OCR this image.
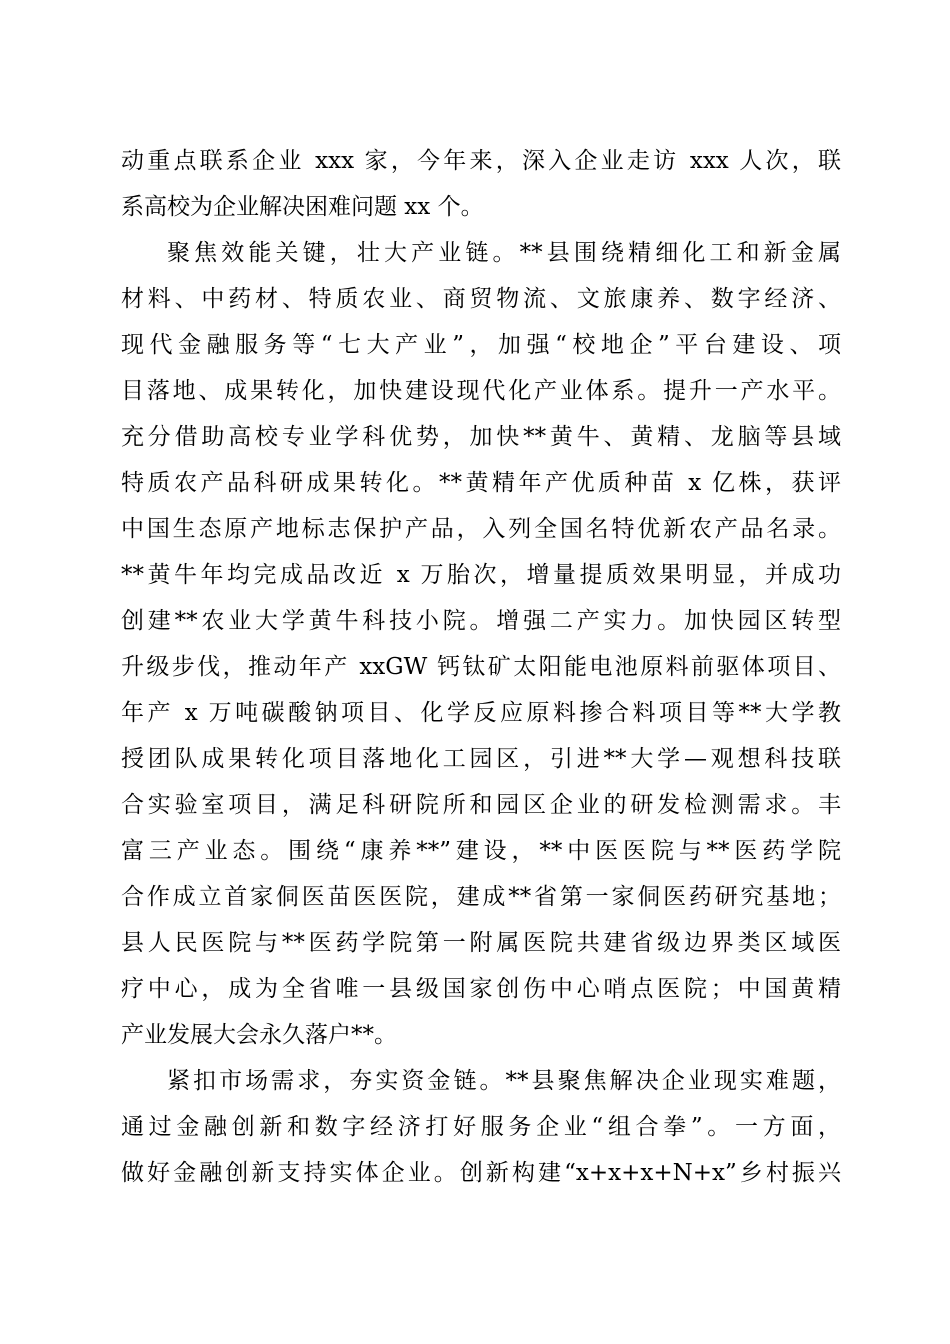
动重点联系企业 xxx 家，今年来，深入企业走访 xxx 人次，联
系高校为企业解决困难问题 xx 个。
聚焦效能关键，壮大产业链。**县围绕精细化工和新金属
材料、中药材、特质农业、商贸物流、文旅康养、数字经济、
现代金融服务等“七大产业”，加强“校地企”平台建设、项
目落地、成果转化，加快建设现代化产业体系。提升一产水平。
充分借助高校专业学科优势，加快**黄牛、黄精、龙脑等县域
特质农产品科研成果转化。**黄精年产优质种苗 x 亿株，获评
中国生态原产地标志保护产品，入列全国名特优新农产品名录。
**黄牛年均完成品改近 x 万胎次，增量提质效果明显，并成功
创建**农业大学黄牛科技小院。增强二产实力。加快园区转型
升级步伐，推动年产 xxGW 钙钛矿太阳能电池原料前驱体项目、
年产 x 万吨碳酸钠项目、化学反应原料掺合料项目等**大学教
授团队成果转化项目落地化工园区，引进**大学—观想科技联
合实验室项目，满足科研院所和园区企业的研发检测需求。丰
富三产业态。围绕“康养**”建设，**中医医院与**医药学院
合作成立首家侗医苗医医院，建成**省第一家侗医药研究基地；
县人民医院与**医药学院第一附属医院共建省级边界类区域医
疗中心，成为全省唯一县级国家创伤中心哨点医院；中国黄精
产业发展大会永久落户**。
紧扣市场需求，夯实资金链。**县聚焦解决企业现实难题，
通过金融创新和数字经济打好服务企业“组合拳”。一方面，
做好金融创新支持实体企业。创新构建“x+x+x+N+x”乡村振兴
